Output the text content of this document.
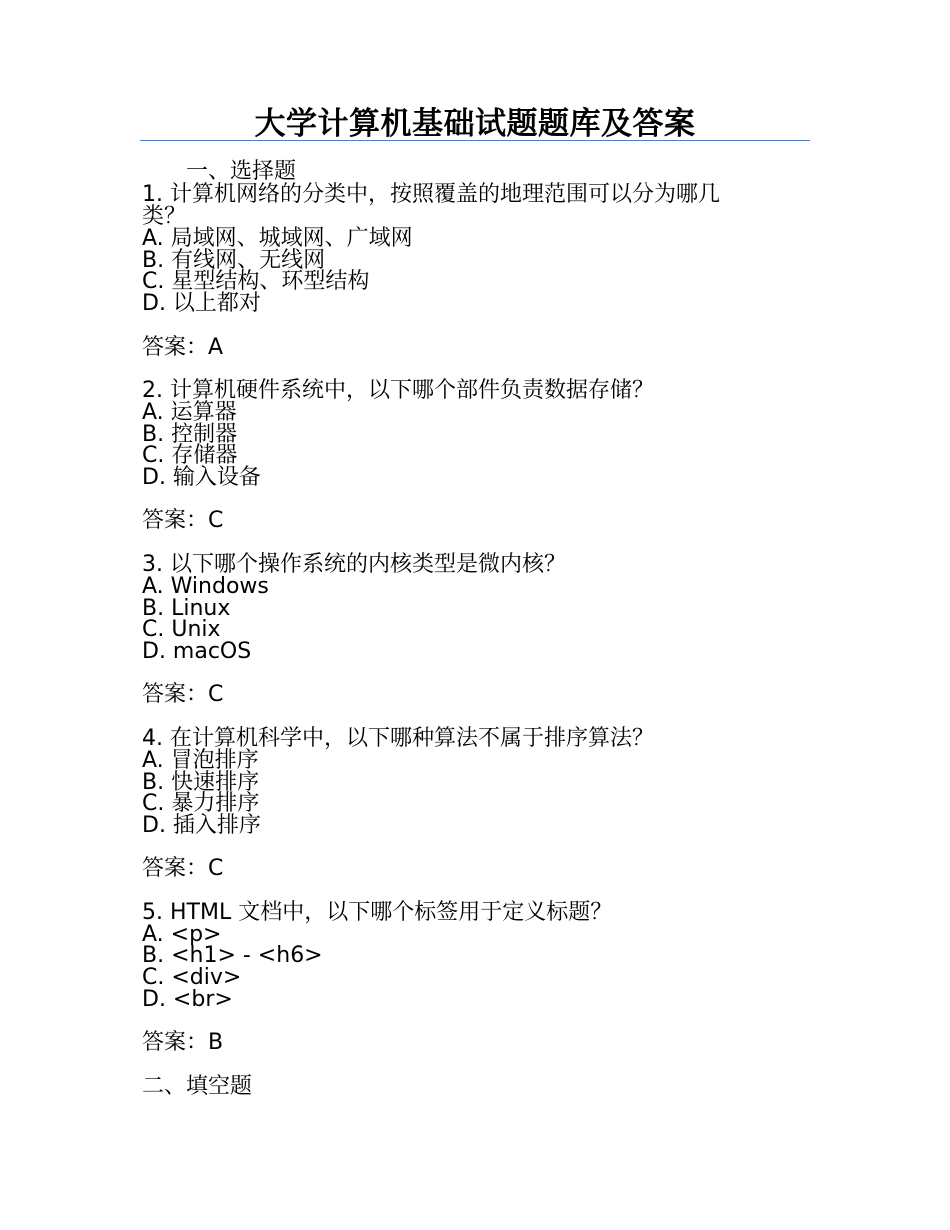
大学计算机基础试题题库及答案
一、选择题
1. 计算机网络的分类中，按照覆盖的地理范围可以分为哪几
类？
A. 局域网、城域网、广域网
B. 有线网、无线网
C. 星型结构、环型结构
D. 以上都对
答案：A
2. 计算机硬件系统中，以下哪个部件负责数据存储？
A. 运算器
B. 控制器
C. 存储器
D. 输入设备
答案：C
3. 以下哪个操作系统的内核类型是微内核？
A. Windows
B. Linux
C. Unix
D. macOS
答案：C
4. 在计算机科学中，以下哪种算法不属于排序算法？
A. 冒泡排序
B. 快速排序
C. 暴力排序
D. 插入排序
答案：C
5. HTML 文档中，以下哪个标签用于定义标题？
A. <p>
B. <h1> - <h6>
C. <div>
D. <br>
答案：B
二、填空题
